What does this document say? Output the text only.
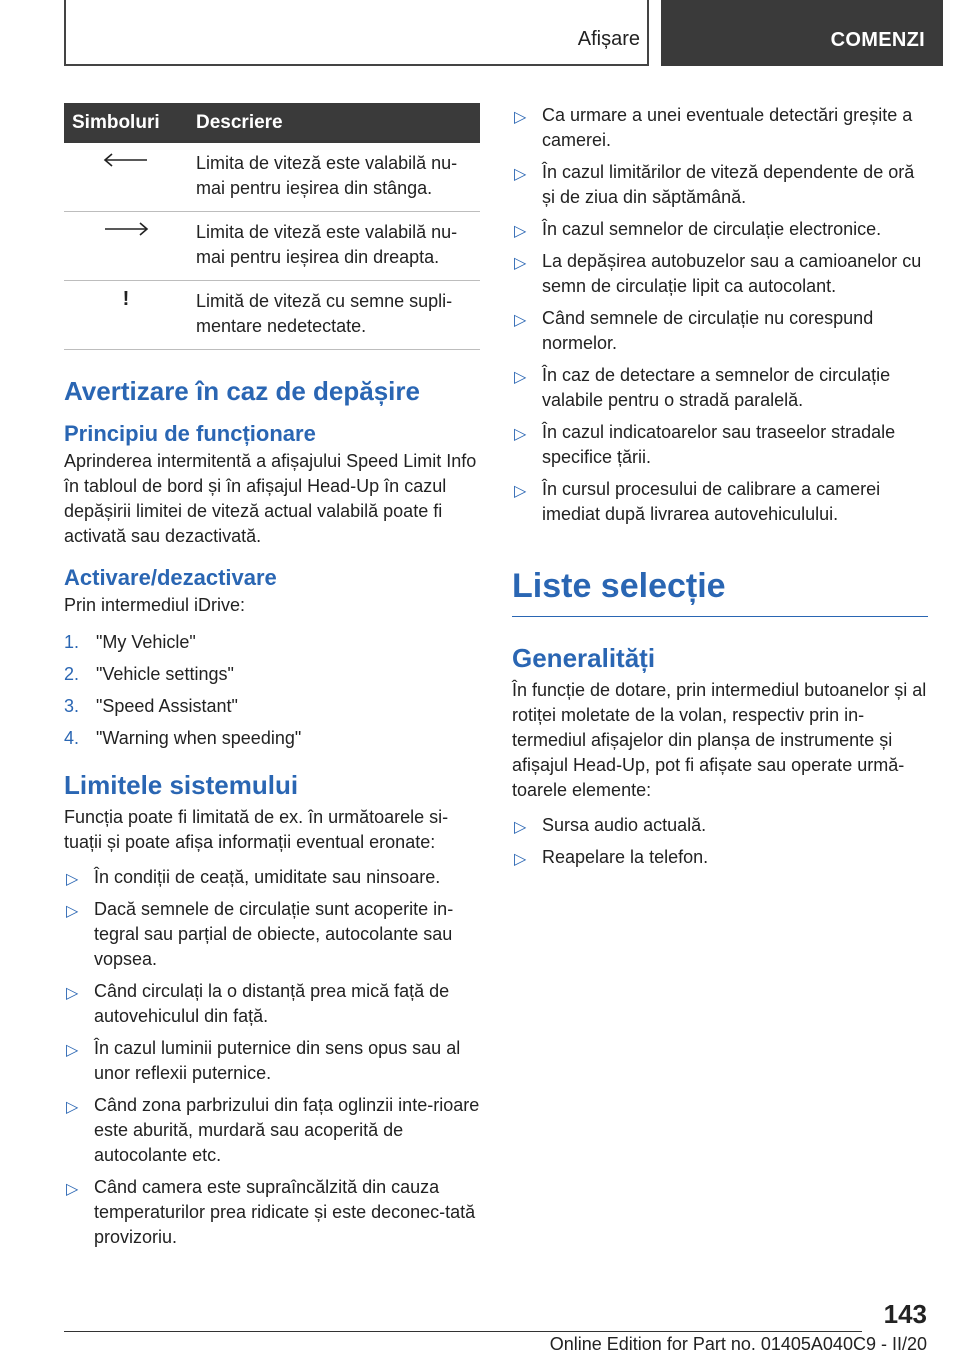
Afișare	COMENZI
Simboluri	Descriere
	Limita de viteză este valabilă nu-mai pentru ieșirea din stânga.
	Limita de viteză este valabilă nu-mai pentru ieșirea din dreapta.
!	Limită de viteză cu semne supli-mentare nedetectate.
Avertizare în caz de depășire
Principiu de funcționare

Aprinderea intermitentă a afișajului Speed Limit Info în tabloul de bord și în afișajul Head-Up în cazul depășirii limitei de viteză actual valabilă poate fi activată sau dezactivată.

Activare/dezactivare

Prin intermediul iDrive:

1. "My Vehicle"
2. "Vehicle settings"
3. "Speed Assistant"
4. "Warning when speeding"
Limitele sistemului

Funcția poate fi limitată de ex. în următoarele si-tuații și poate afișa informații eventual eronate:

▷ În condiții de ceață, umiditate sau ninsoare.
▷ Dacă semnele de circulație sunt acoperite in-tegral sau parțial de obiecte, autocolante sau vopsea.
▷ Când circulați la o distanță prea mică față de autovehiculul din față.
▷ În cazul luminii puternice din sens opus sau al unor reflexii puternice.
▷ Când zona parbrizului din fața oglinzii inte-rioare este aburită, murdară sau acoperită de autocolante etc.
▷ Când camera este supraîncălzită din cauza temperaturilor prea ridicate și este deconec-tată provizoriu.
▷ Ca urmare a unei eventuale detectări greșite a camerei.
▷ În cazul limitărilor de viteză dependente de oră și de ziua din săptămână.
▷ În cazul semnelor de circulație electronice.
▷ La depășirea autobuzelor sau a camioanelor cu semn de circulație lipit ca autocolant.
▷ Când semnele de circulație nu corespund normelor.
▷ În caz de detectare a semnelor de circulație valabile pentru o stradă paralelă.
▷ În cazul indicatoarelor sau traseelor stradale specifice țării.
▷ În cursul procesului de calibrare a camerei imediat după livrarea autovehiculului.
Liste selecție
Generalități

În funcție de dotare, prin intermediul butoanelor și al rotiței moletate de la volan, respectiv prin in-termediul afișajelor din planșa de instrumente și afișajul Head-Up, pot fi afișate sau operate urmă-toarele elemente:

▷ Sursa audio actuală.
▷ Reapelare la telefon.
143
Online Edition for Part no. 01405A040C9 - II/20
